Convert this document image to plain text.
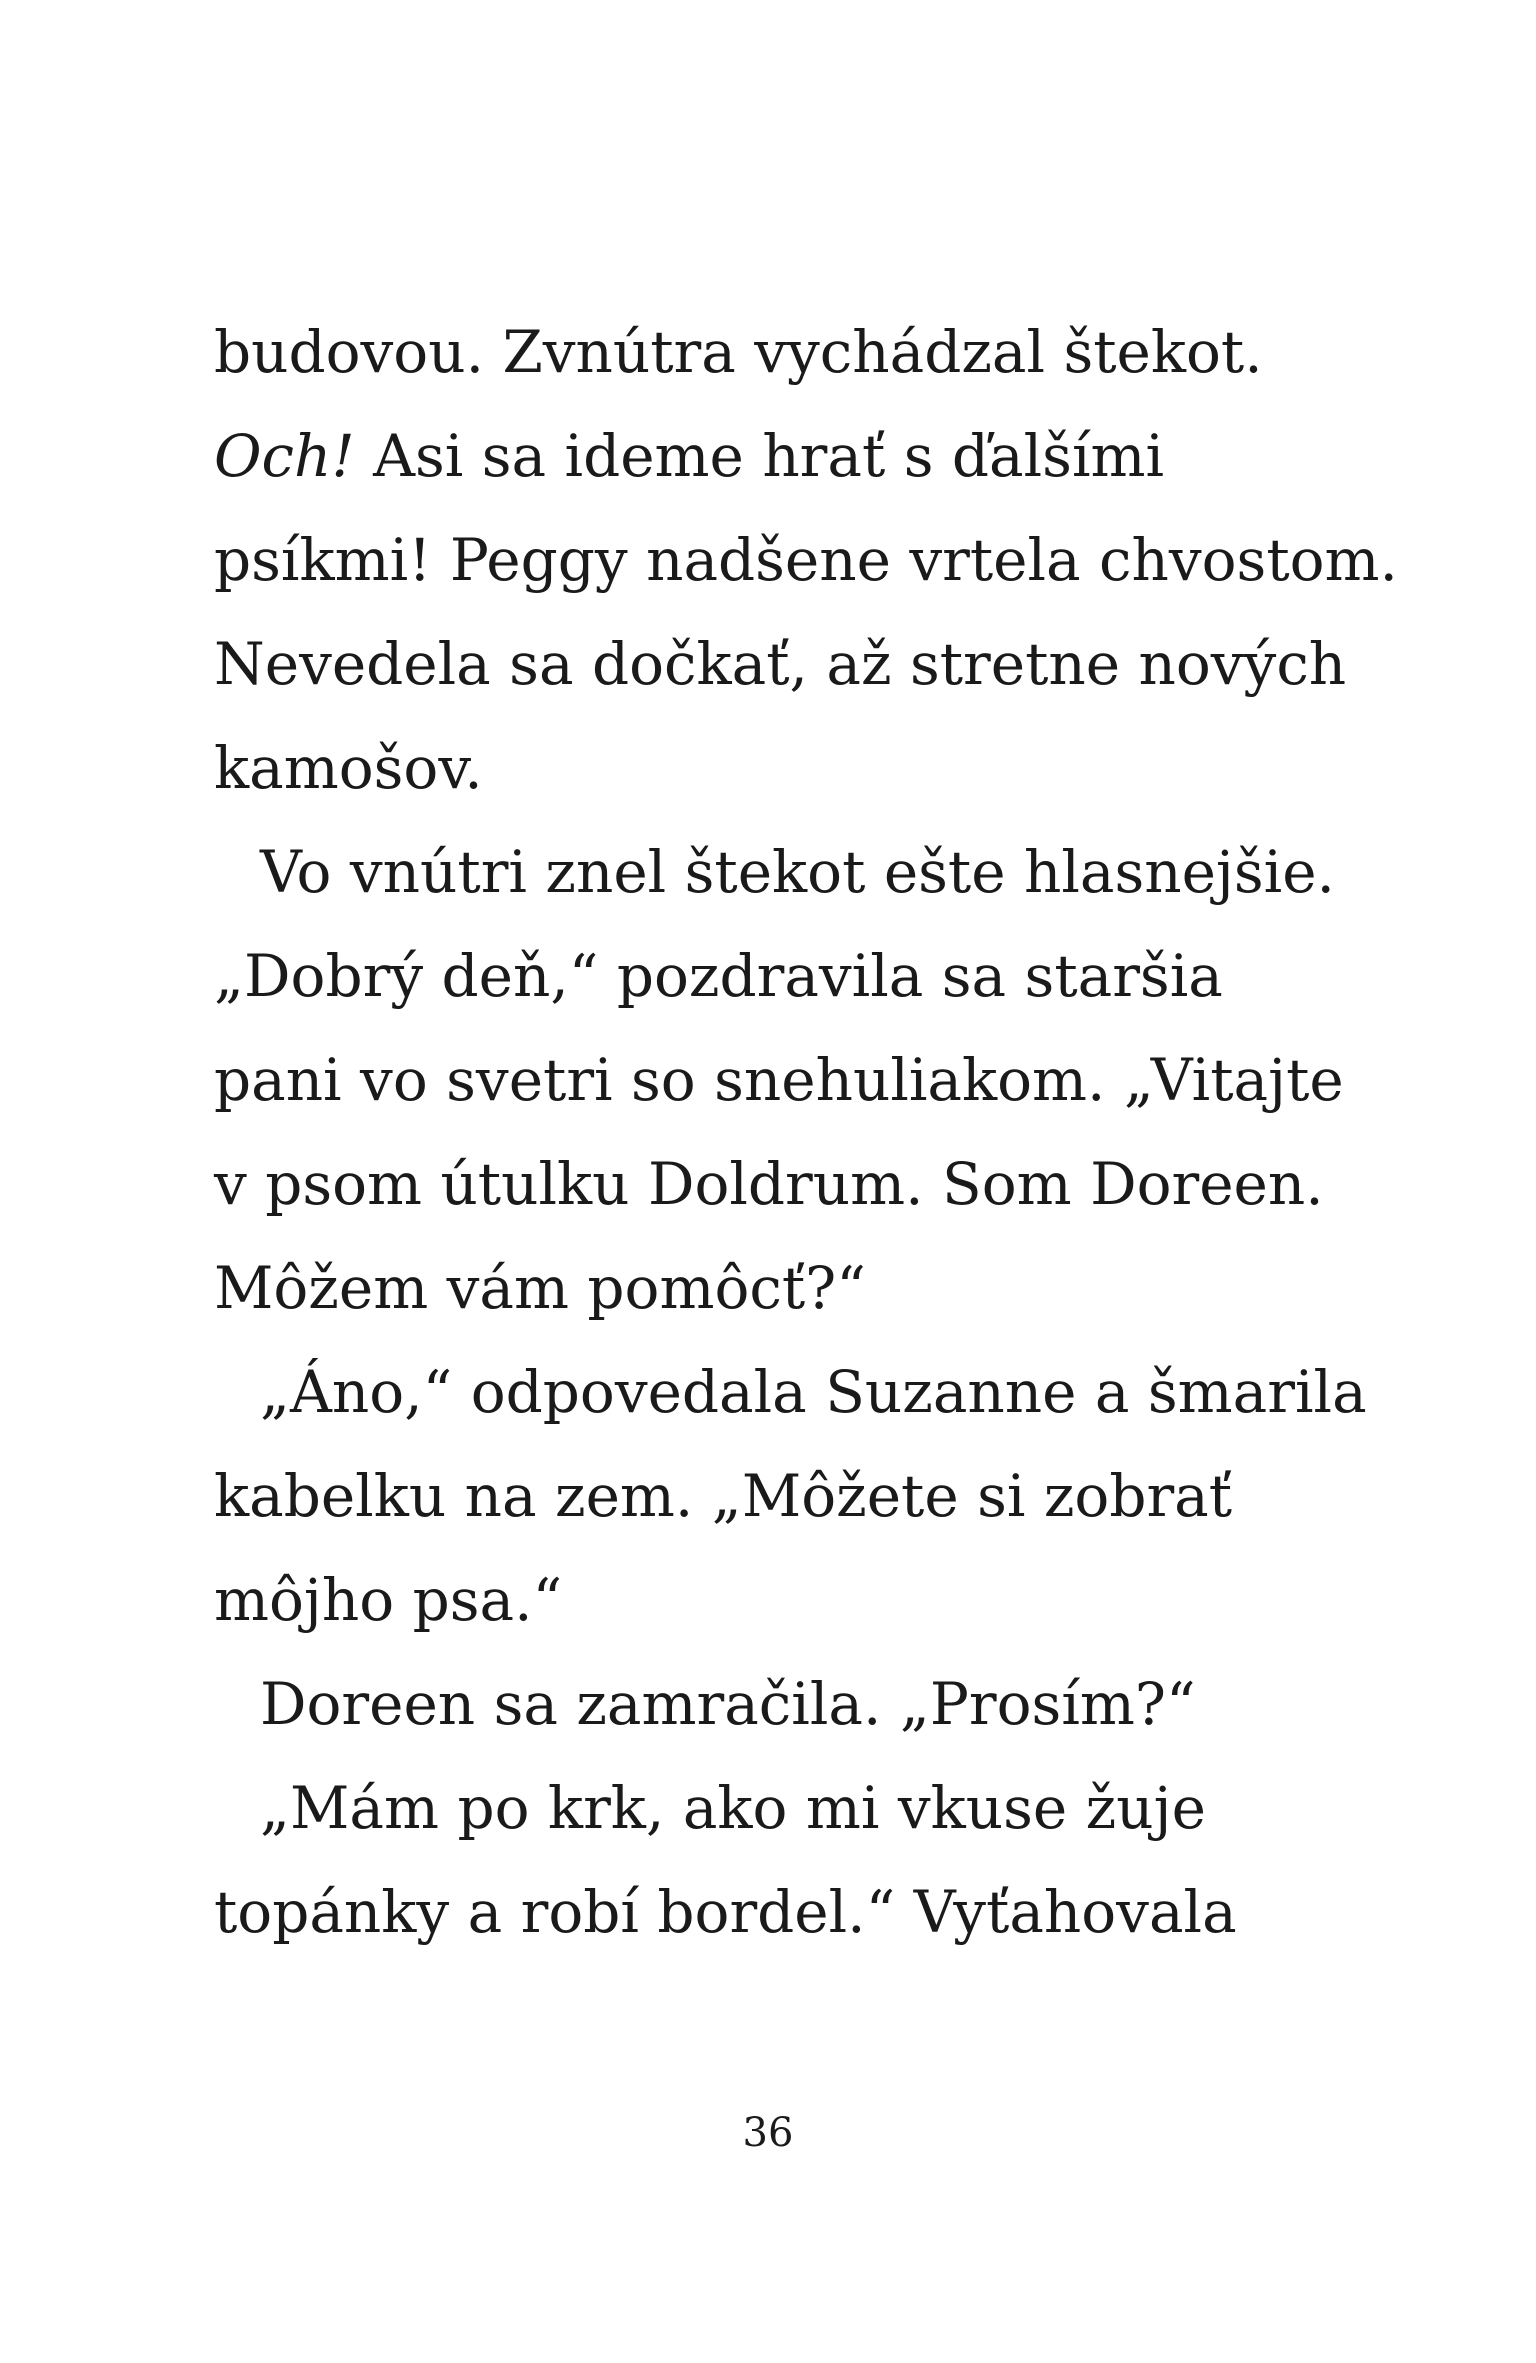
budovou. Zvnútra vychádzal štekot.
Och! Asi sa ideme hrať s ďalšími
psíkmi! Peggy nadšene vrtela chvostom.
Nevedela sa dočkať, až stretne nových
kamošov.
Vo vnútri znel štekot ešte hlasnejšie.
„Dobrý deň,“ pozdravila sa staršia
pani vo svetri so snehuliakom. „Vitajte
v psom útulku Doldrum. Som Doreen.
Môžem vám pomôcť?“
„Áno,“ odpovedala Suzanne a šmarila
kabelku na zem. „Môžete si zobrať
môjho psa.“
Doreen sa zamračila. „Prosím?“
„Mám po krk, ako mi vkuse žuje
topánky a robí bordel.“ Vyťahovala
36
